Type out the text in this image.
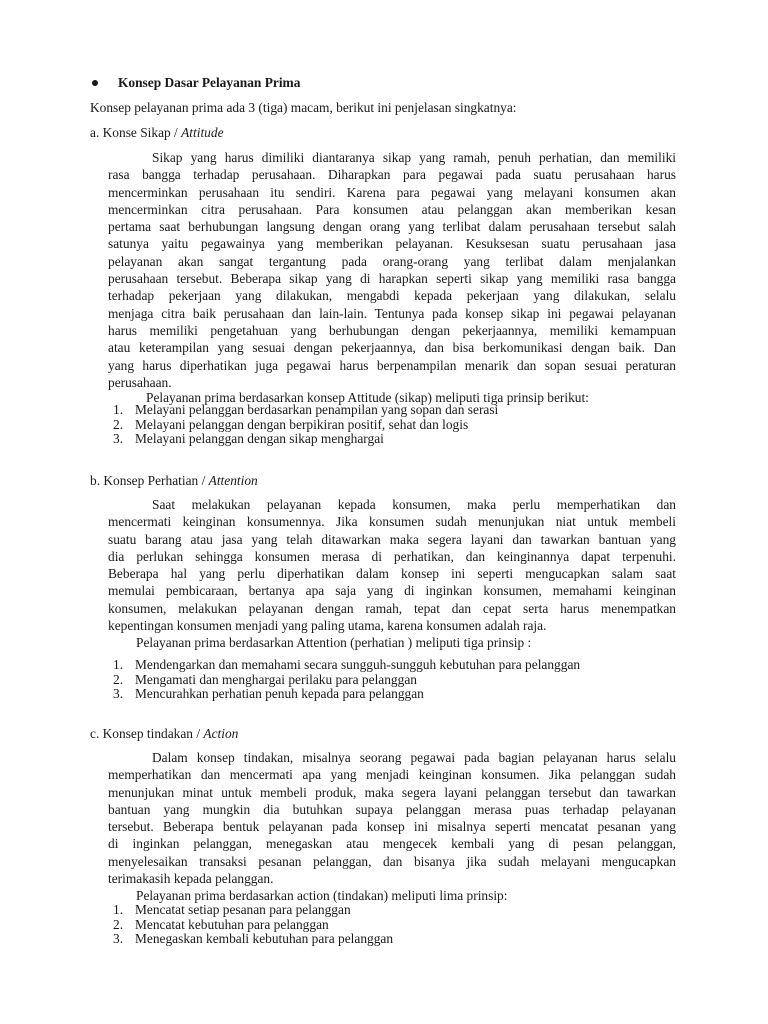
Konsep Dasar Pelayanan Prima
Konsep pelayanan prima ada 3 (tiga) macam, berikut ini penjelasan singkatnya:
a. Konse Sikap / Attitude
Sikap yang harus dimiliki diantaranya sikap yang ramah, penuh perhatian, dan memiliki
rasa bangga terhadap perusahaan. Diharapkan para pegawai pada suatu perusahaan harus
mencerminkan perusahaan itu sendiri. Karena para pegawai yang melayani konsumen akan
mencerminkan citra perusahaan. Para konsumen atau pelanggan akan memberikan kesan
pertama saat berhubungan langsung dengan orang yang terlibat dalam perusahaan tersebut salah
satunya yaitu pegawainya yang memberikan pelayanan. Kesuksesan suatu perusahaan jasa
pelayanan akan sangat tergantung pada orang-orang yang terlibat dalam menjalankan
perusahaan tersebut. Beberapa sikap yang di harapkan seperti sikap yang memiliki rasa bangga
terhadap pekerjaan yang dilakukan, mengabdi kepada pekerjaan yang dilakukan, selalu
menjaga citra baik perusahaan dan lain-lain. Tentunya pada konsep sikap ini pegawai pelayanan
harus memiliki pengetahuan yang berhubungan dengan pekerjaannya, memiliki kemampuan
atau keterampilan yang sesuai dengan pekerjaannya, dan bisa berkomunikasi dengan baik. Dan
yang harus diperhatikan juga pegawai harus berpenampilan menarik dan sopan sesuai peraturan
perusahaan.
Pelayanan prima berdasarkan konsep Attitude (sikap) meliputi tiga prinsip berikut:
1. Melayani pelanggan berdasarkan penampilan yang sopan dan serasi
2. Melayani pelanggan dengan berpikiran positif, sehat dan logis
3. Melayani pelanggan dengan sikap menghargai
b. Konsep Perhatian / Attention
Saat melakukan pelayanan kepada konsumen, maka perlu memperhatikan dan
mencermati keinginan konsumennya. Jika konsumen sudah menunjukan niat untuk membeli
suatu barang atau jasa yang telah ditawarkan maka segera layani dan tawarkan bantuan yang
dia perlukan sehingga konsumen merasa di perhatikan, dan keinginannya dapat terpenuhi.
Beberapa hal yang perlu diperhatikan dalam konsep ini seperti mengucapkan salam saat
memulai pembicaraan, bertanya apa saja yang di inginkan konsumen, memahami keinginan
konsumen, melakukan pelayanan dengan ramah, tepat dan cepat serta harus menempatkan
kepentingan konsumen menjadi yang paling utama, karena konsumen adalah raja.
Pelayanan prima berdasarkan Attention (perhatian ) meliputi tiga prinsip :
1. Mendengarkan dan memahami secara sungguh-sungguh kebutuhan para pelanggan
2. Mengamati dan menghargai perilaku para pelanggan
3. Mencurahkan perhatian penuh kepada para pelanggan
c. Konsep tindakan / Action
Dalam konsep tindakan, misalnya seorang pegawai pada bagian pelayanan harus selalu
memperhatikan dan mencermati apa yang menjadi keinginan konsumen. Jika pelanggan sudah
menunjukan minat untuk membeli produk, maka segera layani pelanggan tersebut dan tawarkan
bantuan yang mungkin dia butuhkan supaya pelanggan merasa puas terhadap pelayanan
tersebut. Beberapa bentuk pelayanan pada konsep ini misalnya seperti mencatat pesanan yang
di inginkan pelanggan, menegaskan atau mengecek kembali yang di pesan pelanggan,
menyelesaikan transaksi pesanan pelanggan, dan bisanya jika sudah melayani mengucapkan
terimakasih kepada pelanggan.
Pelayanan prima berdasarkan action (tindakan) meliputi lima prinsip:
1. Mencatat setiap pesanan para pelanggan
2. Mencatat kebutuhan para pelanggan
3. Menegaskan kembali kebutuhan para pelanggan
